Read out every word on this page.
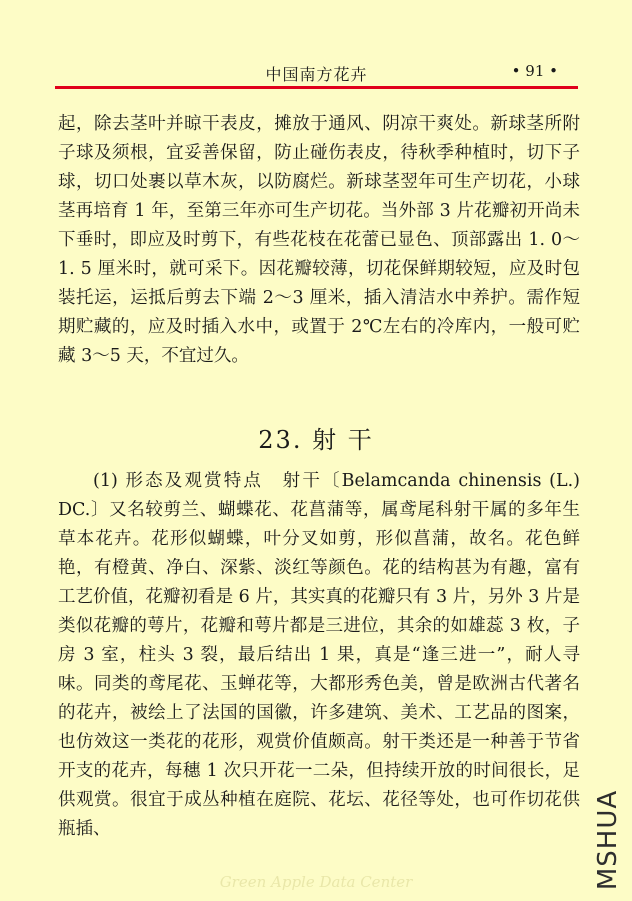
中国南方花卉	• 91 •

起，除去茎叶并晾干表皮，摊放于通风、阴凉干爽处。新球茎所附子球及须根，宜妥善保留，防止碰伤表皮，待秋季种植时，切下子球，切口处裹以草木灰，以防腐烂。新球茎翌年可生产切花，小球茎再培育 1 年，至第三年亦可生产切花。当外部 3 片花瓣初开尚未下垂时，即应及时剪下，有些花枝在花蕾已显色、顶部露出 1. 0～1. 5 厘米时，就可采下。因花瓣较薄，切花保鲜期较短，应及时包装托运，运抵后剪去下端 2～3 厘米，插入清洁水中养护。需作短期贮藏的，应及时插入水中，或置于 2℃左右的冷库内，一般可贮藏 3～5 天，不宜过久。

23. 射 干

(1) 形态及观赏特点　射干〔Belamcanda chinensis (L.) DC.〕又名较剪兰、蝴蝶花、花菖蒲等，属鸢尾科射干属的多年生草本花卉。花形似蝴蝶，叶分叉如剪，形似菖蒲，故名。花色鲜艳，有橙黄、净白、深紫、淡红等颜色。花的结构甚为有趣，富有工艺价值，花瓣初看是 6 片，其实真的花瓣只有 3 片，另外 3 片是类似花瓣的萼片，花瓣和萼片都是三进位，其余的如雄蕊 3 枚，子房 3 室，柱头 3 裂，最后结出 1 果，真是“逢三进一”，耐人寻味。同类的鸢尾花、玉蝉花等，大都形秀色美，曾是欧洲古代著名的花卉，被绘上了法国的国徽，许多建筑、美术、工艺品的图案，也仿效这一类花的花形，观赏价值颇高。射干类还是一种善于节省开支的花卉，每穗 1 次只开花一二朵，但持续开放的时间很长，足供观赏。很宜于成丛种植在庭院、花坛、花径等处，也可作切花供瓶插、

Green Apple Data Center	MSHUA
